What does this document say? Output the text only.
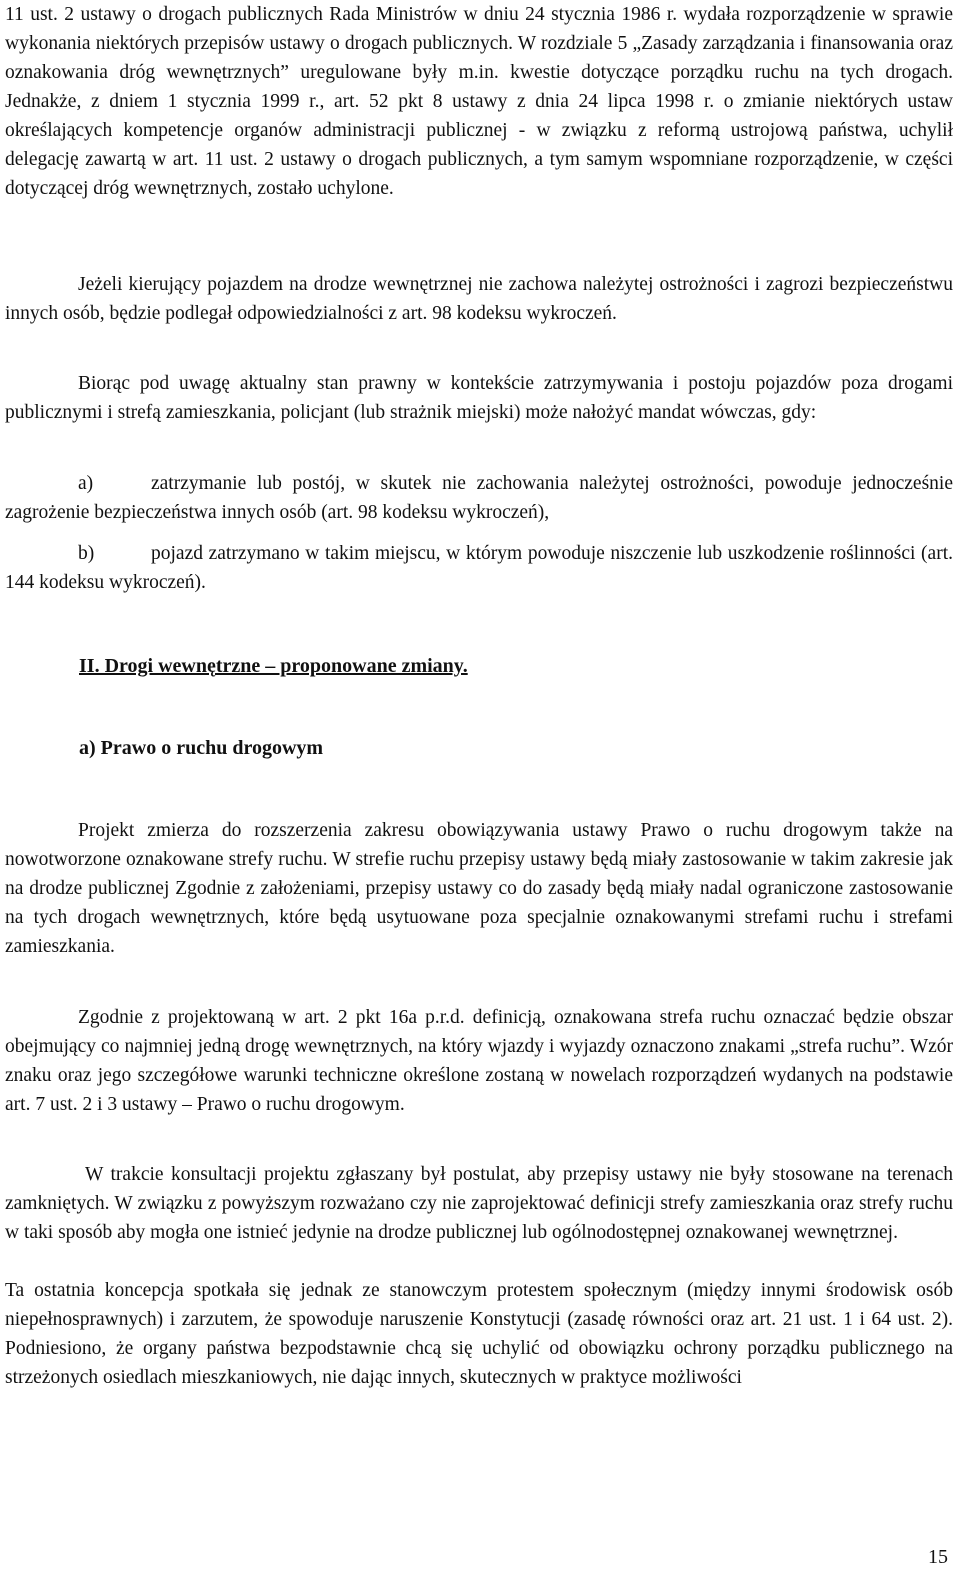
11 ust. 2 ustawy o drogach publicznych Rada Ministrów w dniu 24 stycznia 1986 r. wydała rozporządzenie w sprawie wykonania niektórych przepisów ustawy o drogach publicznych. W rozdziale 5 „Zasady zarządzania i finansowania oraz oznakowania dróg wewnętrznych” uregulowane były m.in. kwestie dotyczące porządku ruchu na tych drogach. Jednakże, z dniem 1 stycznia 1999 r., art. 52 pkt 8 ustawy z dnia 24 lipca 1998 r. o zmianie niektórych ustaw określających kompetencje organów administracji publicznej - w związku z reformą ustrojową państwa, uchylił delegację zawartą w art. 11 ust. 2 ustawy o drogach publicznych, a tym samym wspomniane rozporządzenie, w części dotyczącej dróg wewnętrznych, zostało uchylone.

Jeżeli kierujący pojazdem na drodze wewnętrznej nie zachowa należytej ostrożności i zagrozi bezpieczeństwu innych osób, będzie podlegał odpowiedzialności z art. 98 kodeksu wykroczeń.

Biorąc pod uwagę aktualny stan prawny w kontekście zatrzymywania i postoju pojazdów poza drogami publicznymi i strefą zamieszkania, policjant (lub strażnik miejski) może nałożyć mandat wówczas, gdy:

a)	zatrzymanie lub postój, w skutek nie zachowania należytej ostrożności, powoduje jednocześnie zagrożenie bezpieczeństwa innych osób (art. 98 kodeksu wykroczeń),

b)	pojazd zatrzymano w takim miejscu, w którym powoduje niszczenie lub uszkodzenie roślinności (art. 144 kodeksu wykroczeń).

II. Drogi wewnętrzne – proponowane zmiany.
a) Prawo o ruchu drogowym

Projekt zmierza do rozszerzenia zakresu obowiązywania ustawy Prawo o ruchu drogowym także na nowotworzone oznakowane strefy ruchu. W strefie ruchu przepisy ustawy będą miały zastosowanie w takim zakresie jak na drodze publicznej Zgodnie z założeniami, przepisy ustawy co do zasady będą miały nadal ograniczone zastosowanie na tych drogach wewnętrznych, które będą usytuowane poza specjalnie oznakowanymi strefami ruchu i strefami zamieszkania.

Zgodnie z projektowaną w art. 2 pkt 16a p.r.d. definicją, oznakowana strefa ruchu oznaczać będzie obszar obejmujący co najmniej jedną drogę wewnętrznych, na który wjazdy i wyjazdy oznaczono znakami „strefa ruchu”. Wzór znaku oraz jego szczegółowe warunki techniczne określone zostaną w nowelach rozporządzeń wydanych na podstawie art. 7 ust. 2 i 3 ustawy – Prawo o ruchu drogowym.

W trakcie konsultacji projektu zgłaszany był postulat, aby przepisy ustawy nie były stosowane na terenach zamkniętych. W związku z powyższym rozważano czy nie zaprojektować definicji strefy zamieszkania oraz strefy ruchu w taki sposób aby mogła one istnieć jedynie na drodze publicznej lub ogólnodostępnej oznakowanej wewnętrznej.

Ta ostatnia koncepcja spotkała się jednak ze stanowczym protestem społecznym (między innymi środowisk osób niepełnosprawnych) i zarzutem, że spowoduje naruszenie Konstytucji (zasadę równości oraz art. 21 ust. 1 i 64 ust. 2). Podniesiono, że organy państwa bezpodstawnie chcą się uchylić od obowiązku ochrony porządku publicznego na strzeżonych osiedlach mieszkaniowych, nie dając innych, skutecznych w praktyce możliwości

15
